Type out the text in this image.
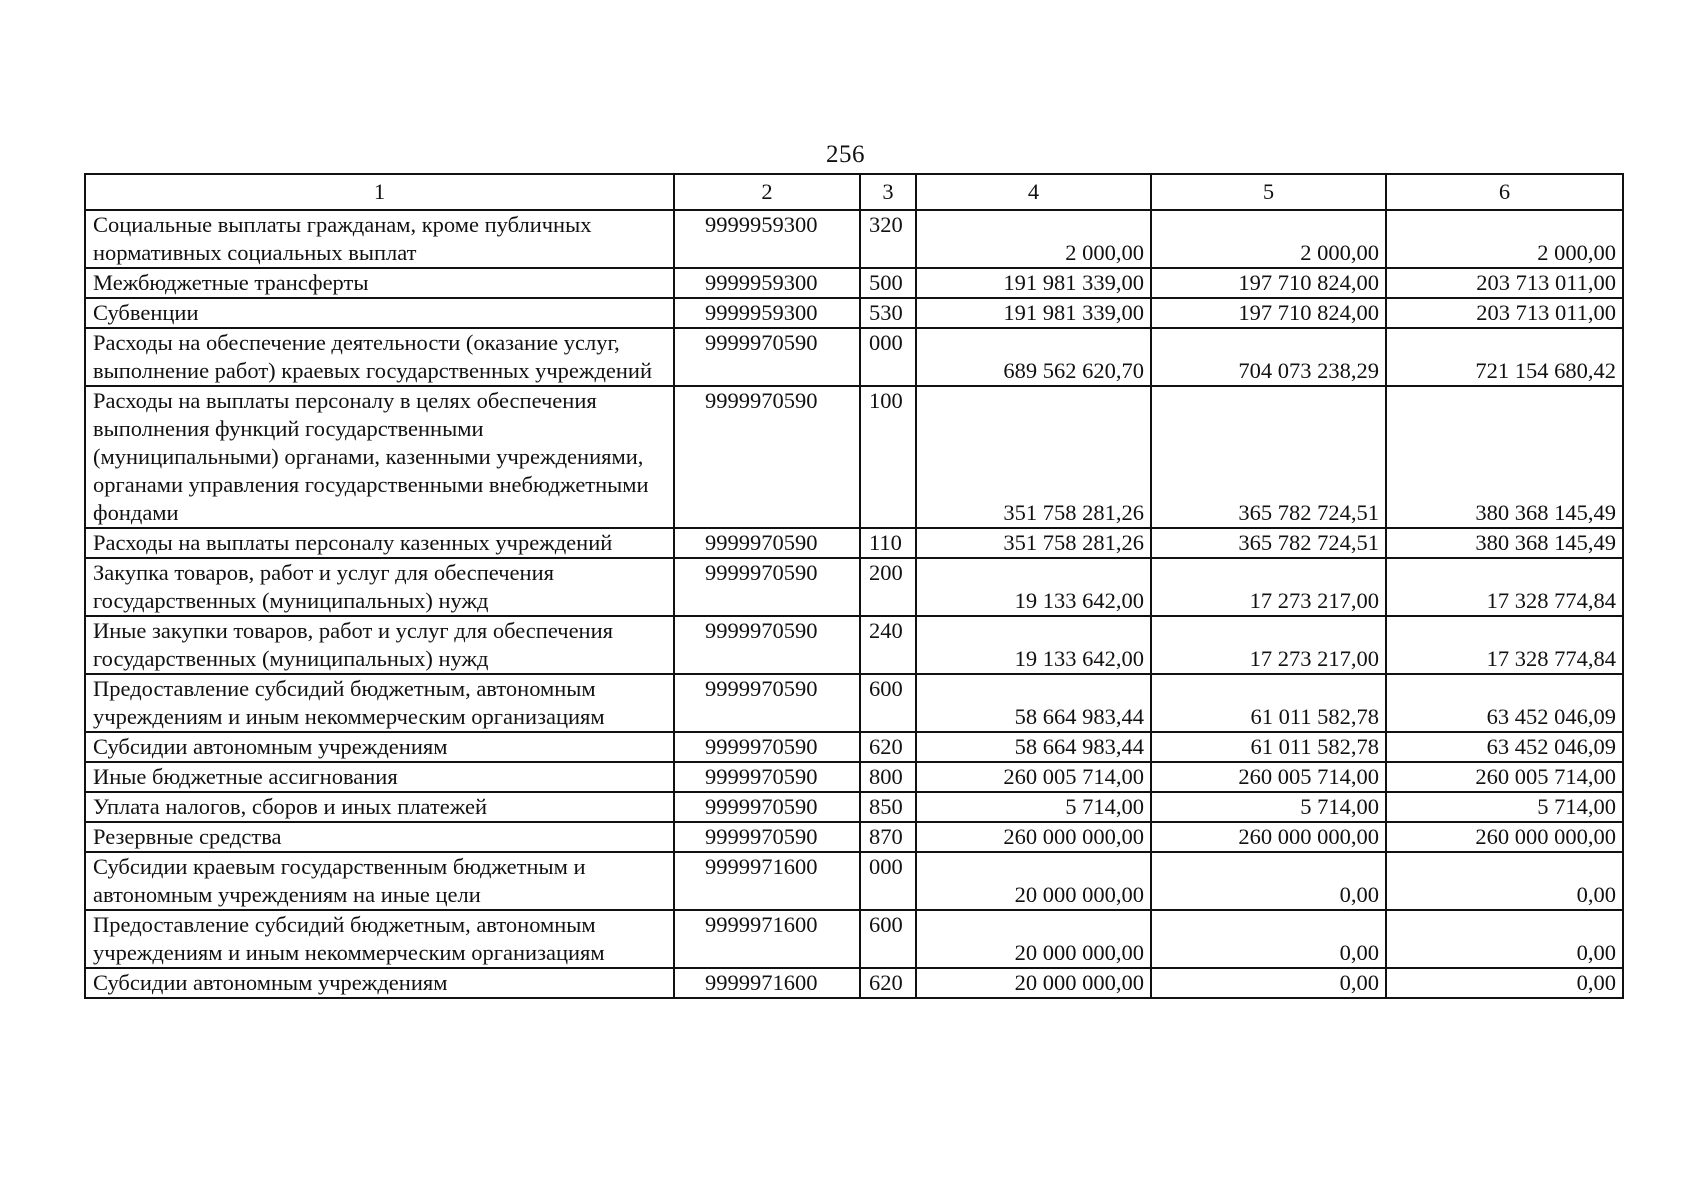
256
1	2	3	4	5	6
Социальные выплаты гражданам, кроме публичных нормативных социальных выплат	9999959300	320	2 000,00	2 000,00	2 000,00
Межбюджетные трансферты	9999959300	500	191 981 339,00	197 710 824,00	203 713 011,00
Субвенции	9999959300	530	191 981 339,00	197 710 824,00	203 713 011,00
Расходы на обеспечение деятельности (оказание услуг, выполнение работ) краевых государственных учреждений	9999970590	000	689 562 620,70	704 073 238,29	721 154 680,42
Расходы на выплаты персоналу в целях обеспечения выполнения функций государственными (муниципальными) органами, казенными учреждениями, органами управления государственными внебюджетными фондами	9999970590	100	351 758 281,26	365 782 724,51	380 368 145,49
Расходы на выплаты персоналу казенных учреждений	9999970590	110	351 758 281,26	365 782 724,51	380 368 145,49
Закупка товаров, работ и услуг для обеспечения государственных (муниципальных) нужд	9999970590	200	19 133 642,00	17 273 217,00	17 328 774,84
Иные закупки товаров, работ и услуг для обеспечения государственных (муниципальных) нужд	9999970590	240	19 133 642,00	17 273 217,00	17 328 774,84
Предоставление субсидий бюджетным, автономным учреждениям и иным некоммерческим организациям	9999970590	600	58 664 983,44	61 011 582,78	63 452 046,09
Субсидии автономным учреждениям	9999970590	620	58 664 983,44	61 011 582,78	63 452 046,09
Иные бюджетные ассигнования	9999970590	800	260 005 714,00	260 005 714,00	260 005 714,00
Уплата налогов, сборов и иных платежей	9999970590	850	5 714,00	5 714,00	5 714,00
Резервные средства	9999970590	870	260 000 000,00	260 000 000,00	260 000 000,00
Субсидии краевым государственным бюджетным и автономным учреждениям на иные цели	9999971600	000	20 000 000,00	0,00	0,00
Предоставление субсидий бюджетным, автономным учреждениям и иным некоммерческим организациям	9999971600	600	20 000 000,00	0,00	0,00
Субсидии автономным учреждениям	9999971600	620	20 000 000,00	0,00	0,00
